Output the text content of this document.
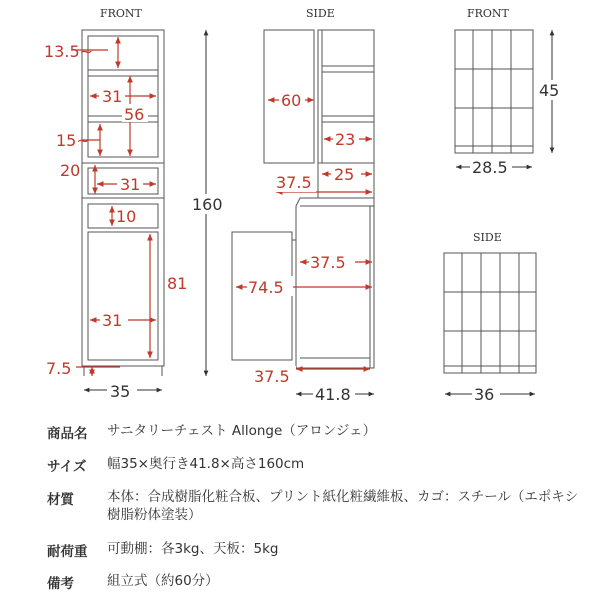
FRONT
13.5~
31
56
15~
20
31
10
81
31
7.5
35
160
SIDE
60
23
25
37.5
37.5
74.5
37.5
41.8
FRONT
28.5
45
SIDE
36
商品名 サニタリーチェスト Allonge（アロンジェ）
サイズ 幅35×奥行き41.8×高さ160cm
材質 本体：合成樹脂化粧合板、プリント紙化粧繊維板、カゴ：スチール（エポキシ樹脂粉体塗装）
耐荷重 可動棚：各3kg、天板：5kg
備考 組立式（約60分）
